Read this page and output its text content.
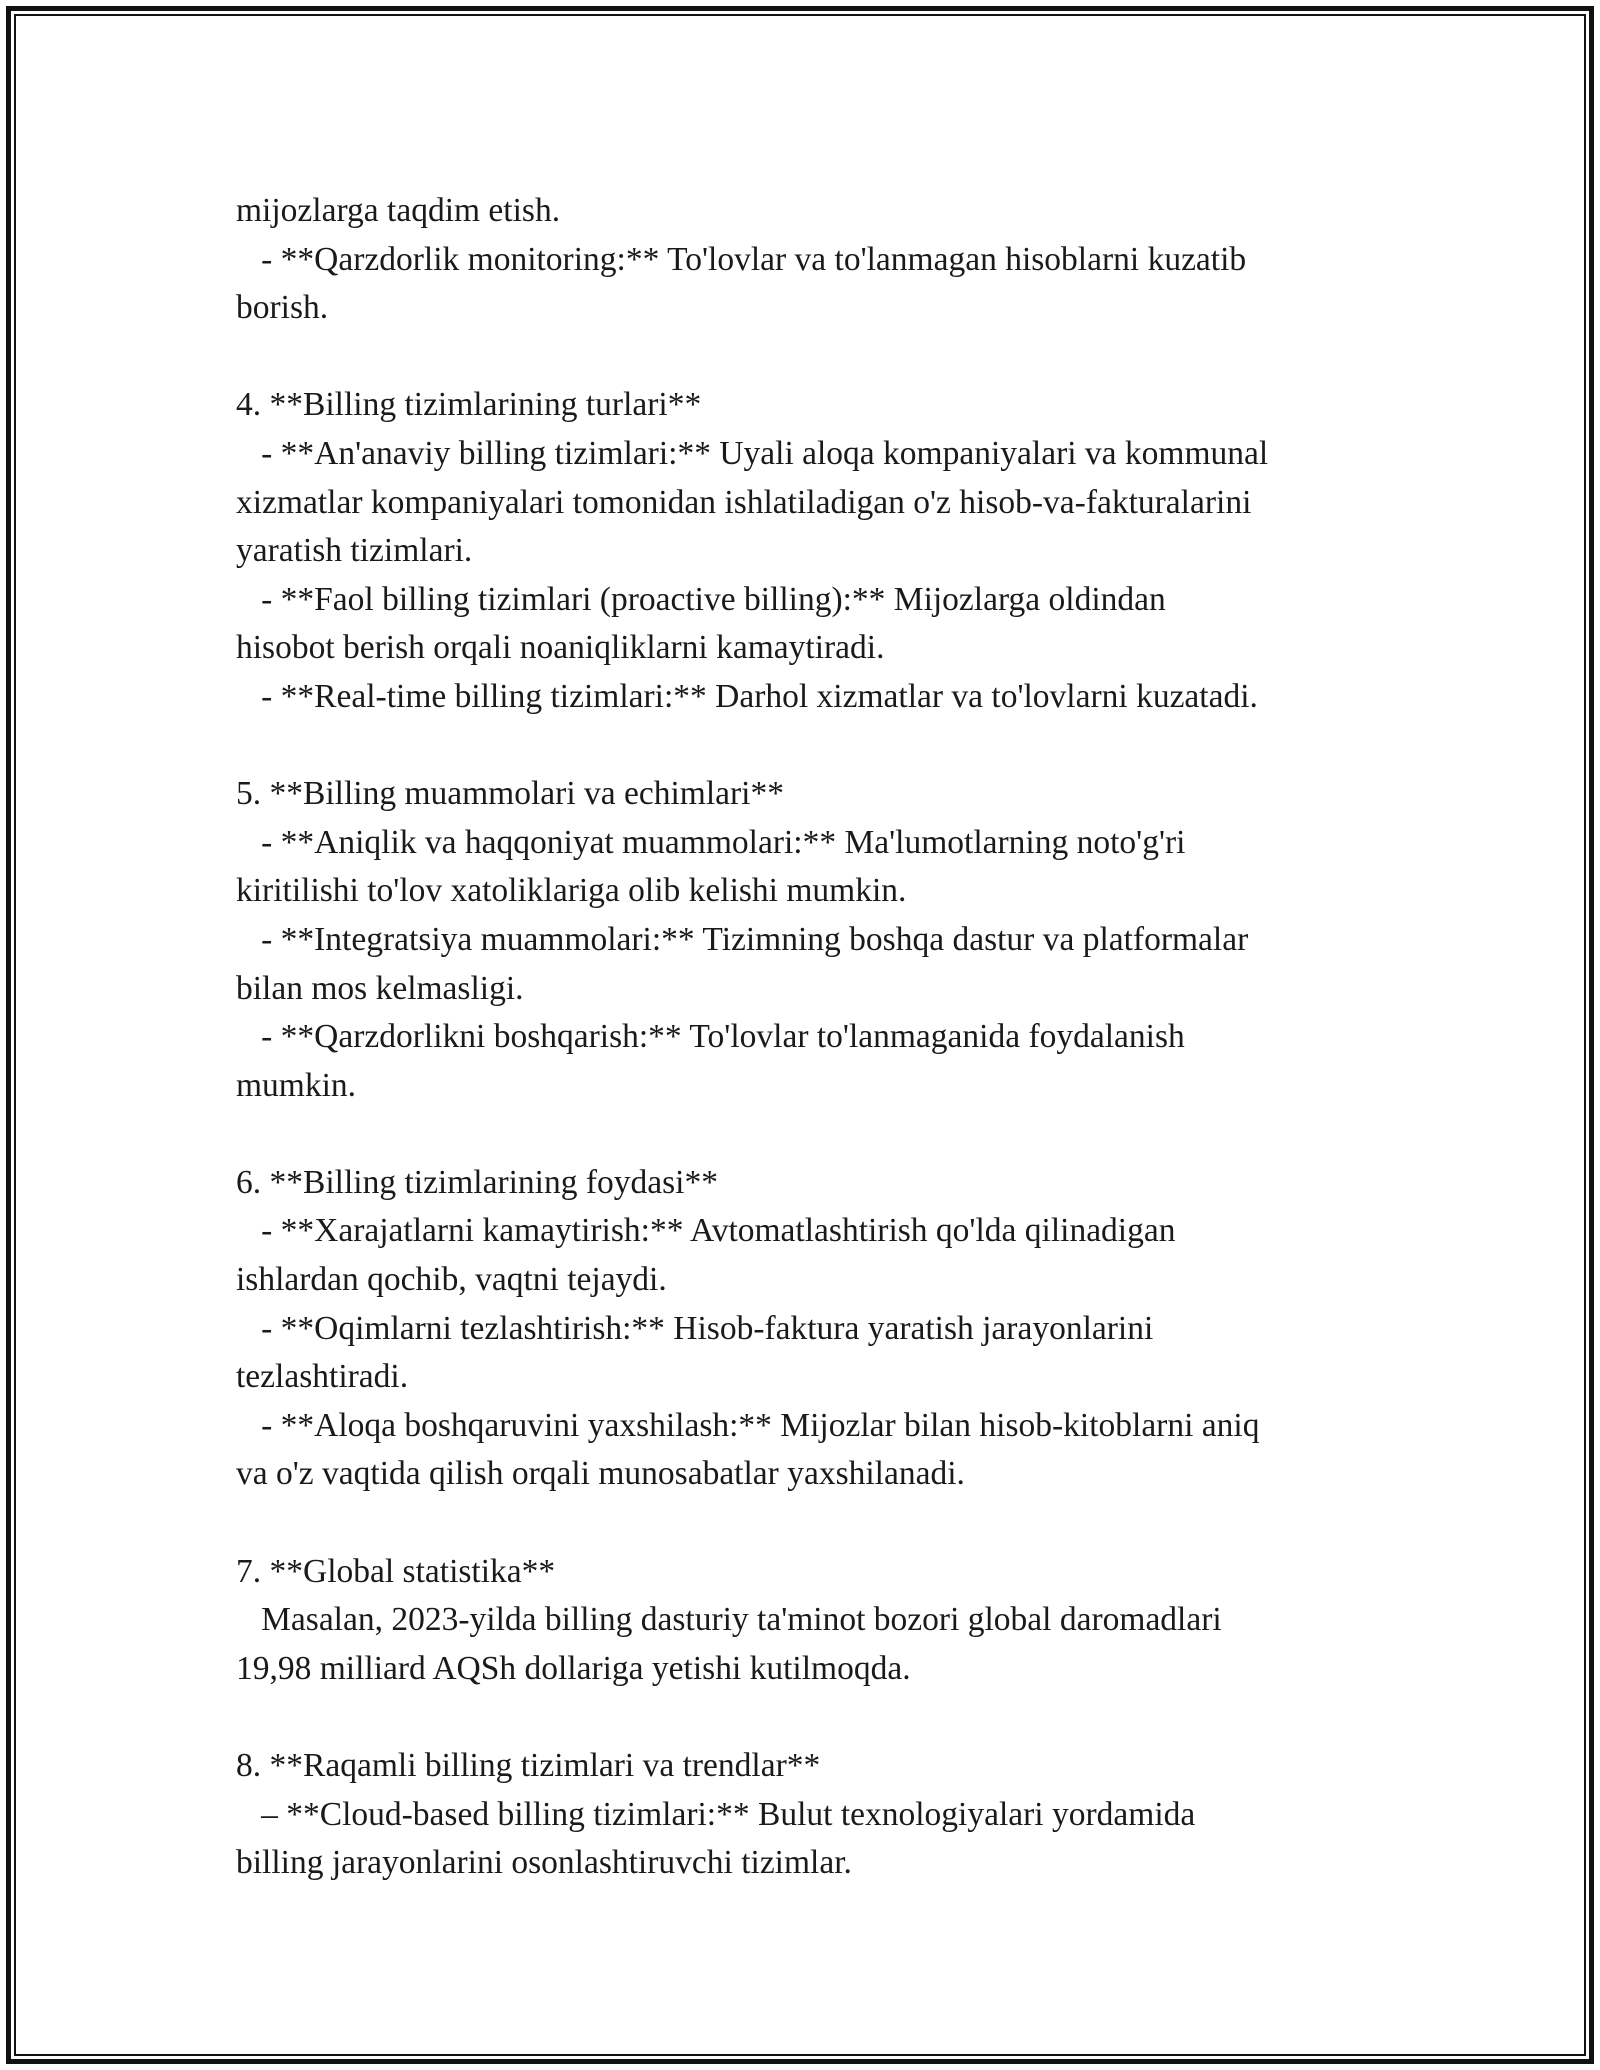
mijozlarga taqdim etish.
- **Qarzdorlik monitoring:** To'lovlar va to'lanmagan hisoblarni kuzatib
borish.
4. **Billing tizimlarining turlari**
- **An'anaviy billing tizimlari:** Uyali aloqa kompaniyalari va kommunal
xizmatlar kompaniyalari tomonidan ishlatiladigan o'z hisob-va-fakturalarini
yaratish tizimlari.
- **Faol billing tizimlari (proactive billing):** Mijozlarga oldindan
hisobot berish orqali noaniqliklarni kamaytiradi.
- **Real-time billing tizimlari:** Darhol xizmatlar va to'lovlarni kuzatadi.
5. **Billing muammolari va echimlari**
- **Aniqlik va haqqoniyat muammolari:** Ma'lumotlarning noto'g'ri
kiritilishi to'lov xatoliklariga olib kelishi mumkin.
- **Integratsiya muammolari:** Tizimning boshqa dastur va platformalar
bilan mos kelmasligi.
- **Qarzdorlikni boshqarish:** To'lovlar to'lanmaganida foydalanish
mumkin.
6. **Billing tizimlarining foydasi**
- **Xarajatlarni kamaytirish:** Avtomatlashtirish qo'lda qilinadigan
ishlardan qochib, vaqtni tejaydi.
- **Oqimlarni tezlashtirish:** Hisob-faktura yaratish jarayonlarini
tezlashtiradi.
- **Aloqa boshqaruvini yaxshilash:** Mijozlar bilan hisob-kitoblarni aniq
va o'z vaqtida qilish orqali munosabatlar yaxshilanadi.
7. **Global statistika**
Masalan, 2023-yilda billing dasturiy ta'minot bozori global daromadlari
19,98 milliard AQSh dollariga yetishi kutilmoqda.
8. **Raqamli billing tizimlari va trendlar**
– **Cloud-based billing tizimlari:** Bulut texnologiyalari yordamida
billing jarayonlarini osonlashtiruvchi tizimlar.
